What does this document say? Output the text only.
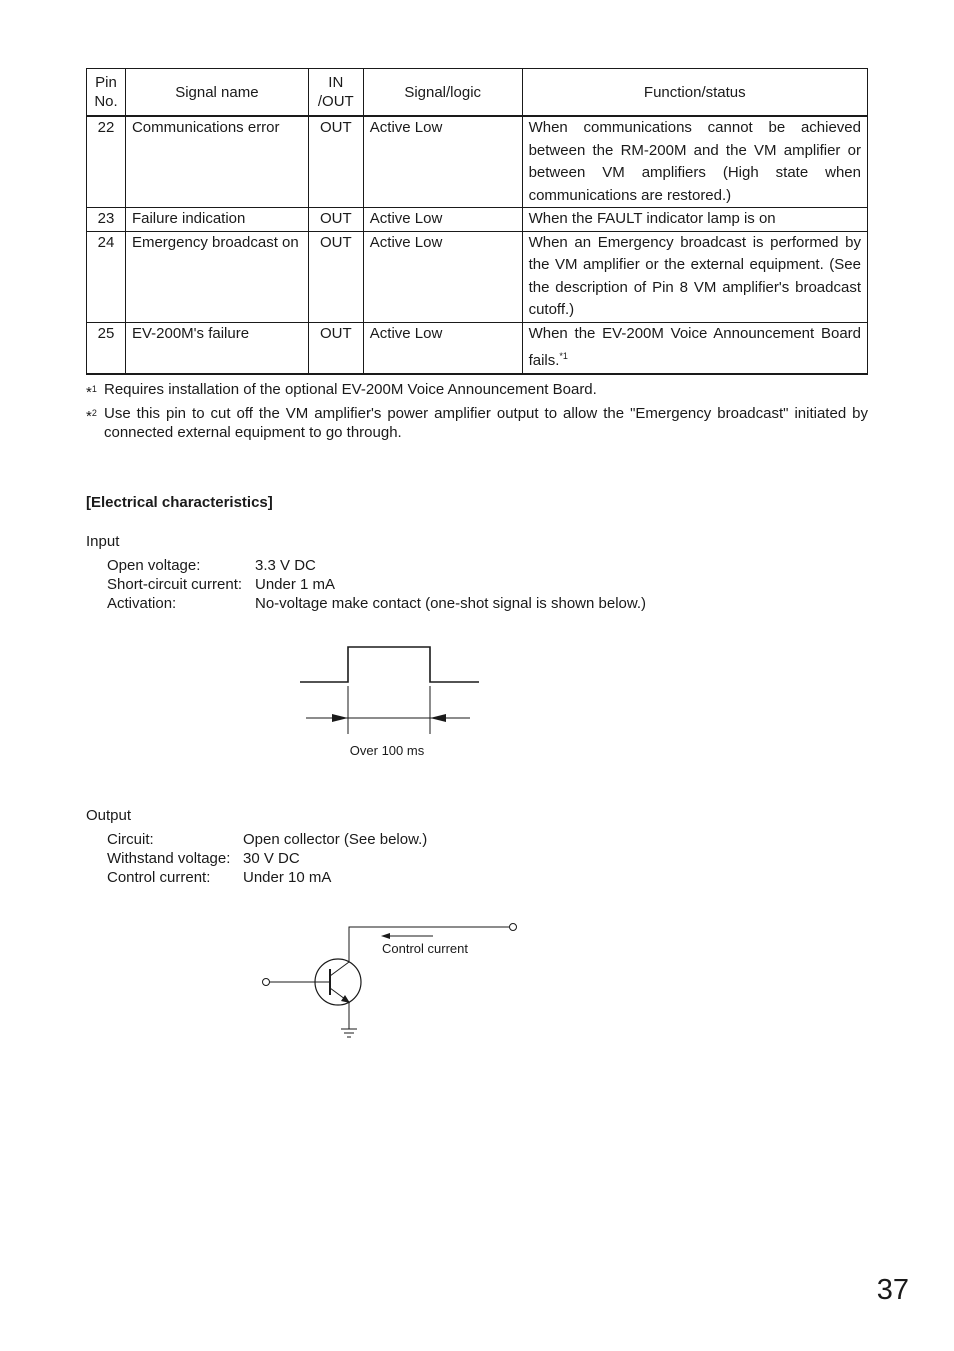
Pin No.	Signal name	IN /OUT	Signal/logic	Function/status
22	Communications error	OUT	Active Low	When communications cannot be achieved between the RM-200M and the VM amplifier or between VM amplifiers (High state when communications are restored.)
23	Failure indication	OUT	Active Low	When the FAULT indicator lamp is on
24	Emergency broadcast on	OUT	Active Low	When an Emergency broadcast is performed by the VM amplifier or the external equipment. (See the description of Pin 8 VM amplifier's broadcast cutoff.)
25	EV-200M's failure	OUT	Active Low	When the EV-200M Voice Announcement Board fails.$^{*1}$
*$^1$ Requires installation of the optional EV-200M Voice Announcement Board.
*$^2$ Use this pin to cut off the VM amplifier's power amplifier output to allow the "Emergency broadcast" initiated by connected external equipment to go through.
[Electrical characteristics]
Input
Open voltage:	3.3 V DC
Short-circuit current: Under 1 mA
Activation:	No-voltage make contact (one-shot signal is shown below.)
Over 100 ms
Output
Circuit:	Open collector (See below.)
Withstand voltage: 30 V DC
Control current:	Under 10 mA
Control current
37
